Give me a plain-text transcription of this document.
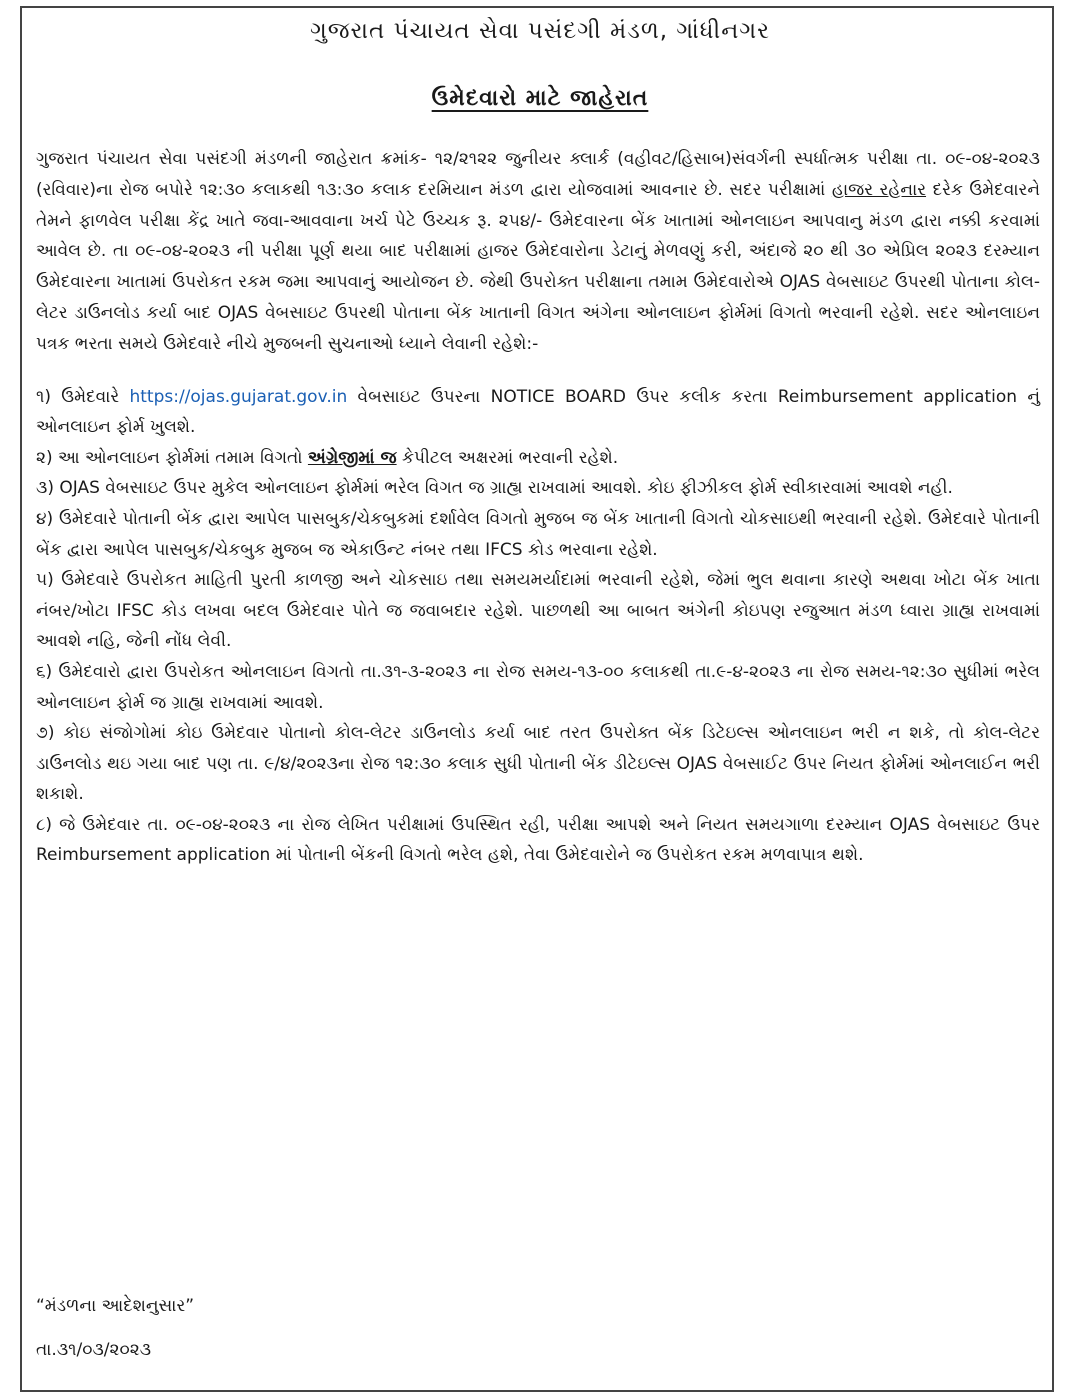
ગુજરાત પંચાયત સેવા પસંદગી મંડળ, ગાંધીનગર
ઉમેદવારો માટે જાહેરાત

ગુજરાત પંચાયત સેવા પસંદગી મંડળની જાહેરાત ક્રમાંક- ૧૨/૨૧૨૨ જુનીયર ક્લાર્ક (વહીવટ/હિસાબ)સંવર્ગની સ્પર્ધાત્મક પરીક્ષા તા. ૦૯-૦૪-૨૦૨૩ (રવિવાર)ના રોજ બપોરે ૧૨:૩૦ કલાકથી ૧૩:૩૦ કલાક દરમિયાન મંડળ દ્વારા યોજવામાં આવનાર છે. સદર પરીક્ષામાં હાજર રહેનાર દરેક ઉમેદવારને તેમને ફાળવેલ પરીક્ષા કેંદ્ર ખાતે જવા-આવવાના ખર્ચ પેટે ઉચ્ચક રૂ. ૨૫૪/- ઉમેદવારના બેંક ખાતામાં ઓનલાઇન આપવાનુ મંડળ દ્વારા નક્કી કરવામાં આવેલ છે. તા ૦૯-૦૪-૨૦૨૩ ની પરીક્ષા પૂર્ણ થયા બાદ પરીક્ષામાં હાજર ઉમેદવારોના ડેટાનું મેળવણું કરી, અંદાજે ૨૦ થી ૩૦ એપ્રિલ ૨૦૨૩ દરમ્યાન ઉમેદવારના ખાતામાં ઉપરોકત રકમ જમા આપવાનું આયોજન છે. જેથી ઉપરોક્ત પરીક્ષાના તમામ ઉમેદવારોએ OJAS વેબસાઇટ ઉપરથી પોતાના કોલ-લેટર ડાઉનલોડ કર્યા બાદ OJAS વેબસાઇટ ઉપરથી પોતાના બેંક ખાતાની વિગત અંગેના ઓનલાઇન ફોર્મમાં વિગતો ભરવાની રહેશે. સદર ઓનલાઇન પત્રક ભરતા સમયે ઉમેદવારે નીચે મુજબની સુચનાઓ ધ્યાને લેવાની રહેશે:-

૧) ઉમેદવારે https://ojas.gujarat.gov.in વેબસાઇટ ઉપરના NOTICE BOARD ઉપર કલીક કરતા Reimbursement application નું ઓનલાઇન ફોર્મ ખુલશે.

૨) આ ઓનલાઇન ફોર્મમાં તમામ વિગતો અંગ્રેજીમાં જ કેપીટલ અક્ષરમાં ભરવાની રહેશે.

૩) OJAS વેબસાઇટ ઉપર મુકેલ ઓનલાઇન ફોર્મમાં ભરેલ વિગત જ ગ્રાહ્ય રાખવામાં આવશે. કોઇ ફીઝીકલ ફોર્મ સ્વીકારવામાં આવશે નહી.

૪) ઉમેદવારે પોતાની બેંક દ્વારા આપેલ પાસબુક/ચેકબુકમાં દર્શાવેલ વિગતો મુજબ જ બેંક ખાતાની વિગતો ચોકસાઇથી ભરવાની રહેશે. ઉમેદવારે પોતાની બેંક દ્વારા આપેલ પાસબુક/ચેકબુક મુજબ જ એકાઉન્ટ નંબર તથા IFCS કોડ ભરવાના રહેશે.

૫) ઉમેદવારે ઉપરોકત માહિતી પુરતી કાળજી અને ચોકસાઇ તથા સમયમર્યાદામાં ભરવાની રહેશે, જેમાં ભુલ થવાના કારણે અથવા ખોટા બેંક ખાતા નંબર/ખોટા IFSC કોડ લખવા બદલ ઉમેદવાર પોતે જ જવાબદાર રહેશે. પાછળથી આ બાબત અંગેની કોઇપણ રજુઆત મંડળ ધ્વારા ગ્રાહ્ય રાખવામાં આવશે નહિ, જેની નોંધ લેવી.

૬) ઉમેદવારો દ્વારા ઉપરોકત ઓનલાઇન વિગતો તા.૩૧-૩-૨૦૨૩ ના રોજ સમય-૧૩-૦૦ કલાકથી તા.૯-૪-૨૦૨૩ ના રોજ સમય-૧૨:૩૦ સુધીમાં ભરેલ ઓનલાઇન ફોર્મ જ ગ્રાહ્ય રાખવામાં આવશે.

૭) કોઇ સંજોગોમાં કોઇ ઉમેદવાર પોતાનો કોલ-લેટર ડાઉનલોડ કર્યા બાદ તરત ઉપરોક્ત બેંક ડિટેઇલ્સ ઓનલાઇન ભરી ન શકે, તો કોલ-લેટર ડાઉનલોડ થઇ ગયા બાદ પણ તા. ૯/૪/૨૦૨૩ના રોજ ૧૨:૩૦ કલાક સુધી પોતાની બેંક ડીટેઇલ્સ OJAS વેબસાઈટ ઉપર નિયત ફોર્મમાં ઓનલાઈન ભરી શકાશે.

૮) જે ઉમેદવાર તા. ૦૯-૦૪-૨૦૨૩ ના રોજ લેખિત પરીક્ષામાં ઉપસ્થિત રહી, પરીક્ષા આપશે અને નિયત સમયગાળા દરમ્યાન OJAS વેબસાઇટ ઉપર Reimbursement application માં પોતાની બેંકની વિગતો ભરેલ હશે, તેવા ઉમેદવારોને જ ઉપરોકત રકમ મળવાપાત્ર થશે.

“મંડળના આદેશનુસાર”
તા.૩૧/૦૩/૨૦૨૩
